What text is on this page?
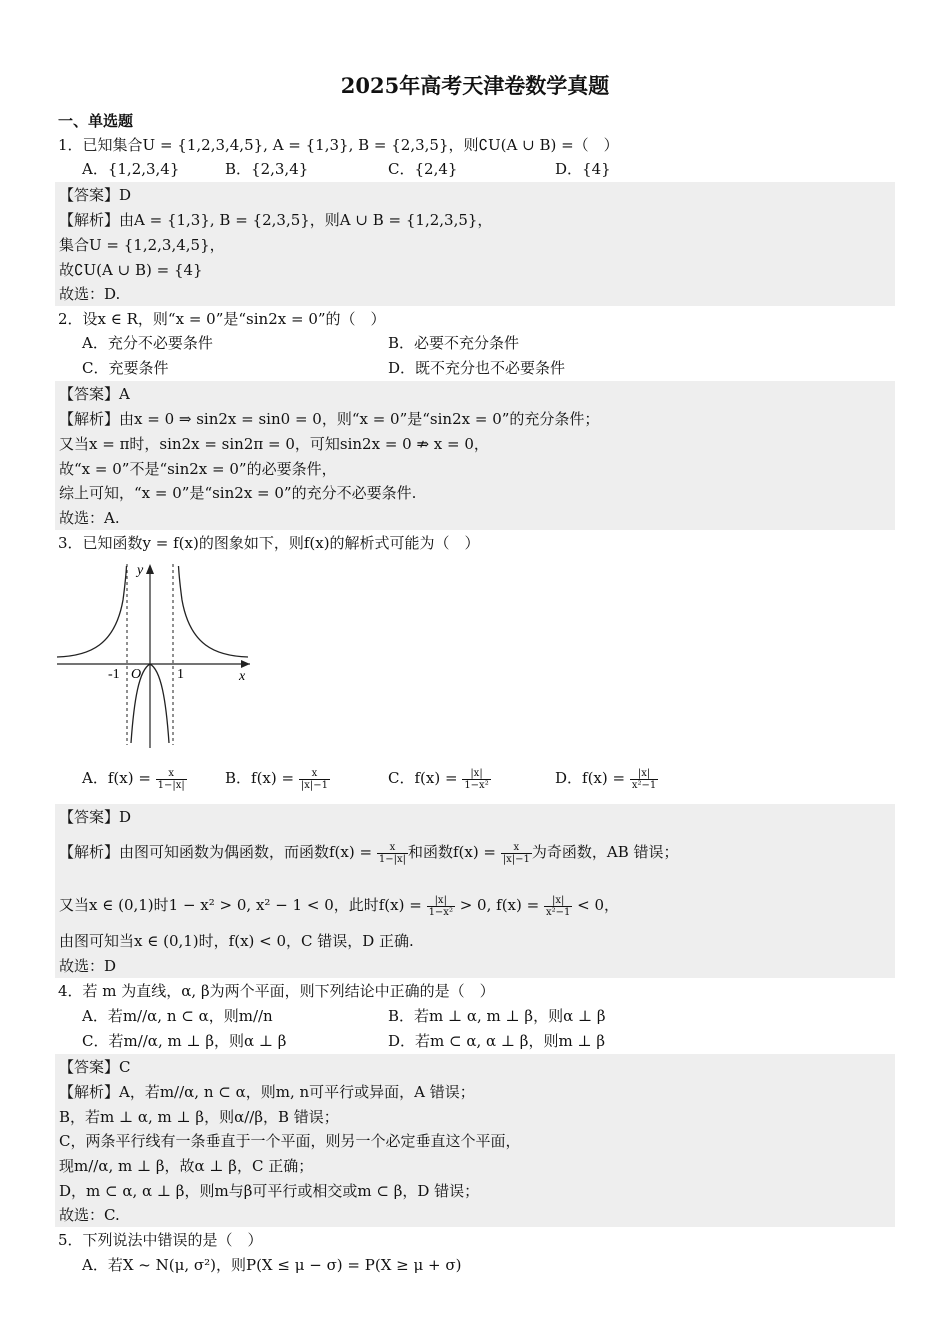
2025年高考天津卷数学真题
一、单选题
1．已知集合U = {1,2,3,4,5}, A = {1,3}, B = {2,3,5}，则∁U(A ∪ B) =（　）
A．{1,2,3,4}	B．{2,3,4}	C．{2,4}	D．{4}
【答案】D
【解析】由A = {1,3}, B = {2,3,5}，则A ∪ B = {1,2,3,5}，
集合U = {1,2,3,4,5}，
故∁U(A ∪ B) = {4}
故选：D.
2．设x ∈ R，则“x = 0”是“sin2x = 0”的（　）
A．充分不必要条件	B．必要不充分条件
C．充要条件	D．既不充分也不必要条件
【答案】A
【解析】由x = 0 ⇒ sin2x = sin0 = 0，则“x = 0”是“sin2x = 0”的充分条件；
又当x = π时，sin2x = sin2π = 0，可知sin2x = 0 ⇏ x = 0，
故“x = 0”不是“sin2x = 0”的必要条件，
综上可知，“x = 0”是“sin2x = 0”的充分不必要条件.
故选：A.
3．已知函数y = f(x)的图象如下，则f(x)的解析式可能为（　）
y
x
O
-1	1
A．$f(x) = \frac{x}{1-|x|}$	B．$f(x) = \frac{x}{|x|-1}$	C．$f(x) = \frac{|x|}{\text{1−x²}}$	D．$f(x) = \frac{|x|}{\text{x²−1}}$
【答案】D
【解析】由图可知函数为偶函数，而函数$f(x) = \frac{x}{1-|x|}$ 和函数$f(x) = \frac{x}{|x|-1}$ 为奇函数，AB 错误；
又当x ∈ (0,1)时1 − x² > 0, x² − 1 < 0，此时$f(x) = \frac{|x|}{\text{1−x²}} > 0$, $f(x) = \frac{|x|}{\text{x²−1}} < 0$，
由图可知当x ∈ (0,1)时，f(x) < 0，C 错误，D 正确.
故选：D
4．若 m 为直线，α, β为两个平面，则下列结论中正确的是（　）
A．若m//α, n ⊂ α，则m//n	B．若m ⊥ α, m ⊥ β，则α ⊥ β
C．若m//α, m ⊥ β，则α ⊥ β	D．若m ⊂ α, α ⊥ β，则m ⊥ β
【答案】C
【解析】A，若m//α, n ⊂ α，则m, n可平行或异面，A 错误；
B，若m ⊥ α, m ⊥ β，则α//β，B 错误；
C，两条平行线有一条垂直于一个平面，则另一个必定垂直这个平面，
现m//α, m ⊥ β，故α ⊥ β，C 正确；
D，m ⊂ α, α ⊥ β，则m与β可平行或相交或m ⊂ β，D 错误；
故选：C.
5．下列说法中错误的是（　）
A．若X ~ N(μ, σ²)，则P(X ≤ μ − σ) = P(X ≥ μ + σ)
